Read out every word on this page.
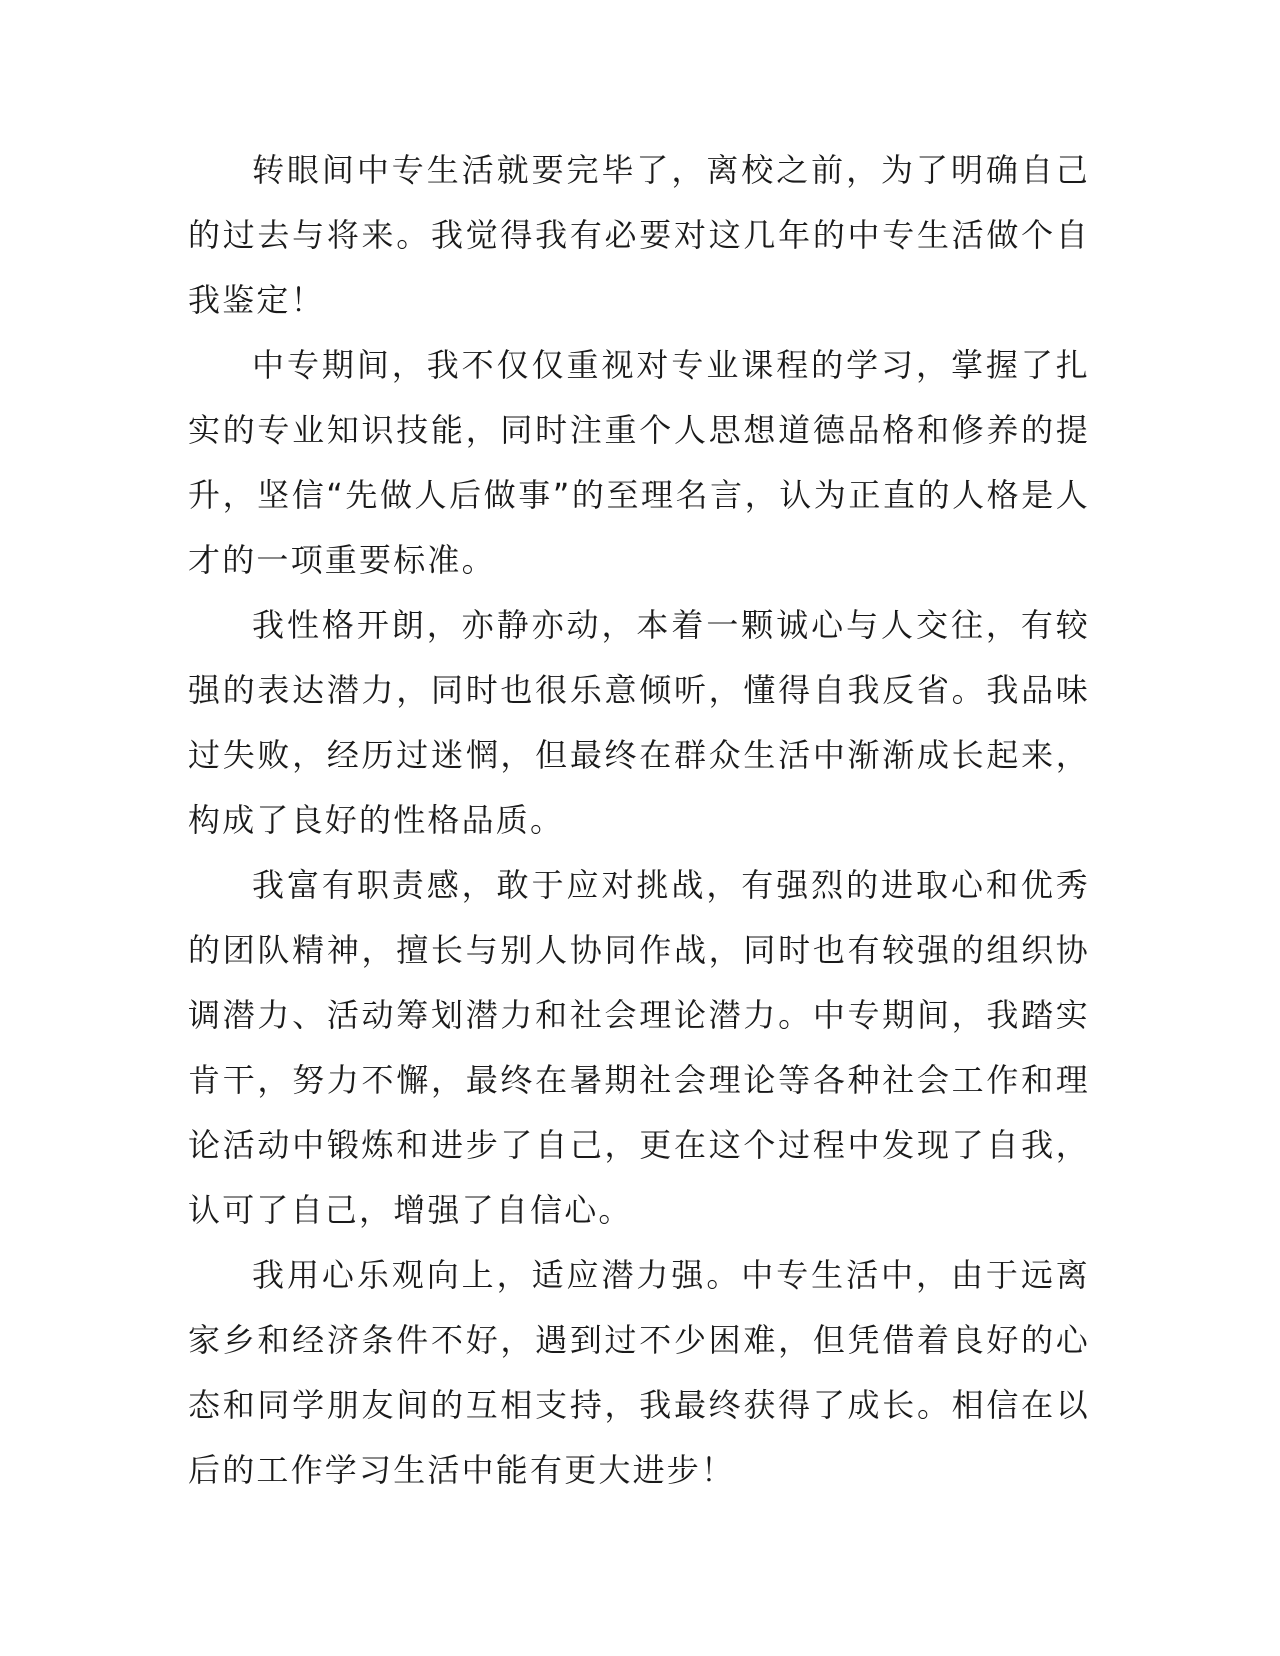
转眼间中专生活就要完毕了，离校之前，为了明确自己的过去与将来。我觉得我有必要对这几年的中专生活做个自我鉴定！

中专期间，我不仅仅重视对专业课程的学习，掌握了扎实的专业知识技能，同时注重个人思想道德品格和修养的提升，坚信“先做人后做事”的至理名言，认为正直的人格是人才的一项重要标准。

我性格开朗，亦静亦动，本着一颗诚心与人交往，有较强的表达潜力，同时也很乐意倾听，懂得自我反省。我品味过失败，经历过迷惘，但最终在群众生活中渐渐成长起来，构成了良好的性格品质。

我富有职责感，敢于应对挑战，有强烈的进取心和优秀的团队精神，擅长与别人协同作战，同时也有较强的组织协调潜力、活动筹划潜力和社会理论潜力。中专期间，我踏实肯干，努力不懈，最终在暑期社会理论等各种社会工作和理论活动中锻炼和进步了自己，更在这个过程中发现了自我，认可了自己，增强了自信心。

我用心乐观向上，适应潜力强。中专生活中，由于远离家乡和经济条件不好，遇到过不少困难，但凭借着良好的心态和同学朋友间的互相支持，我最终获得了成长。相信在以后的工作学习生活中能有更大进步！
